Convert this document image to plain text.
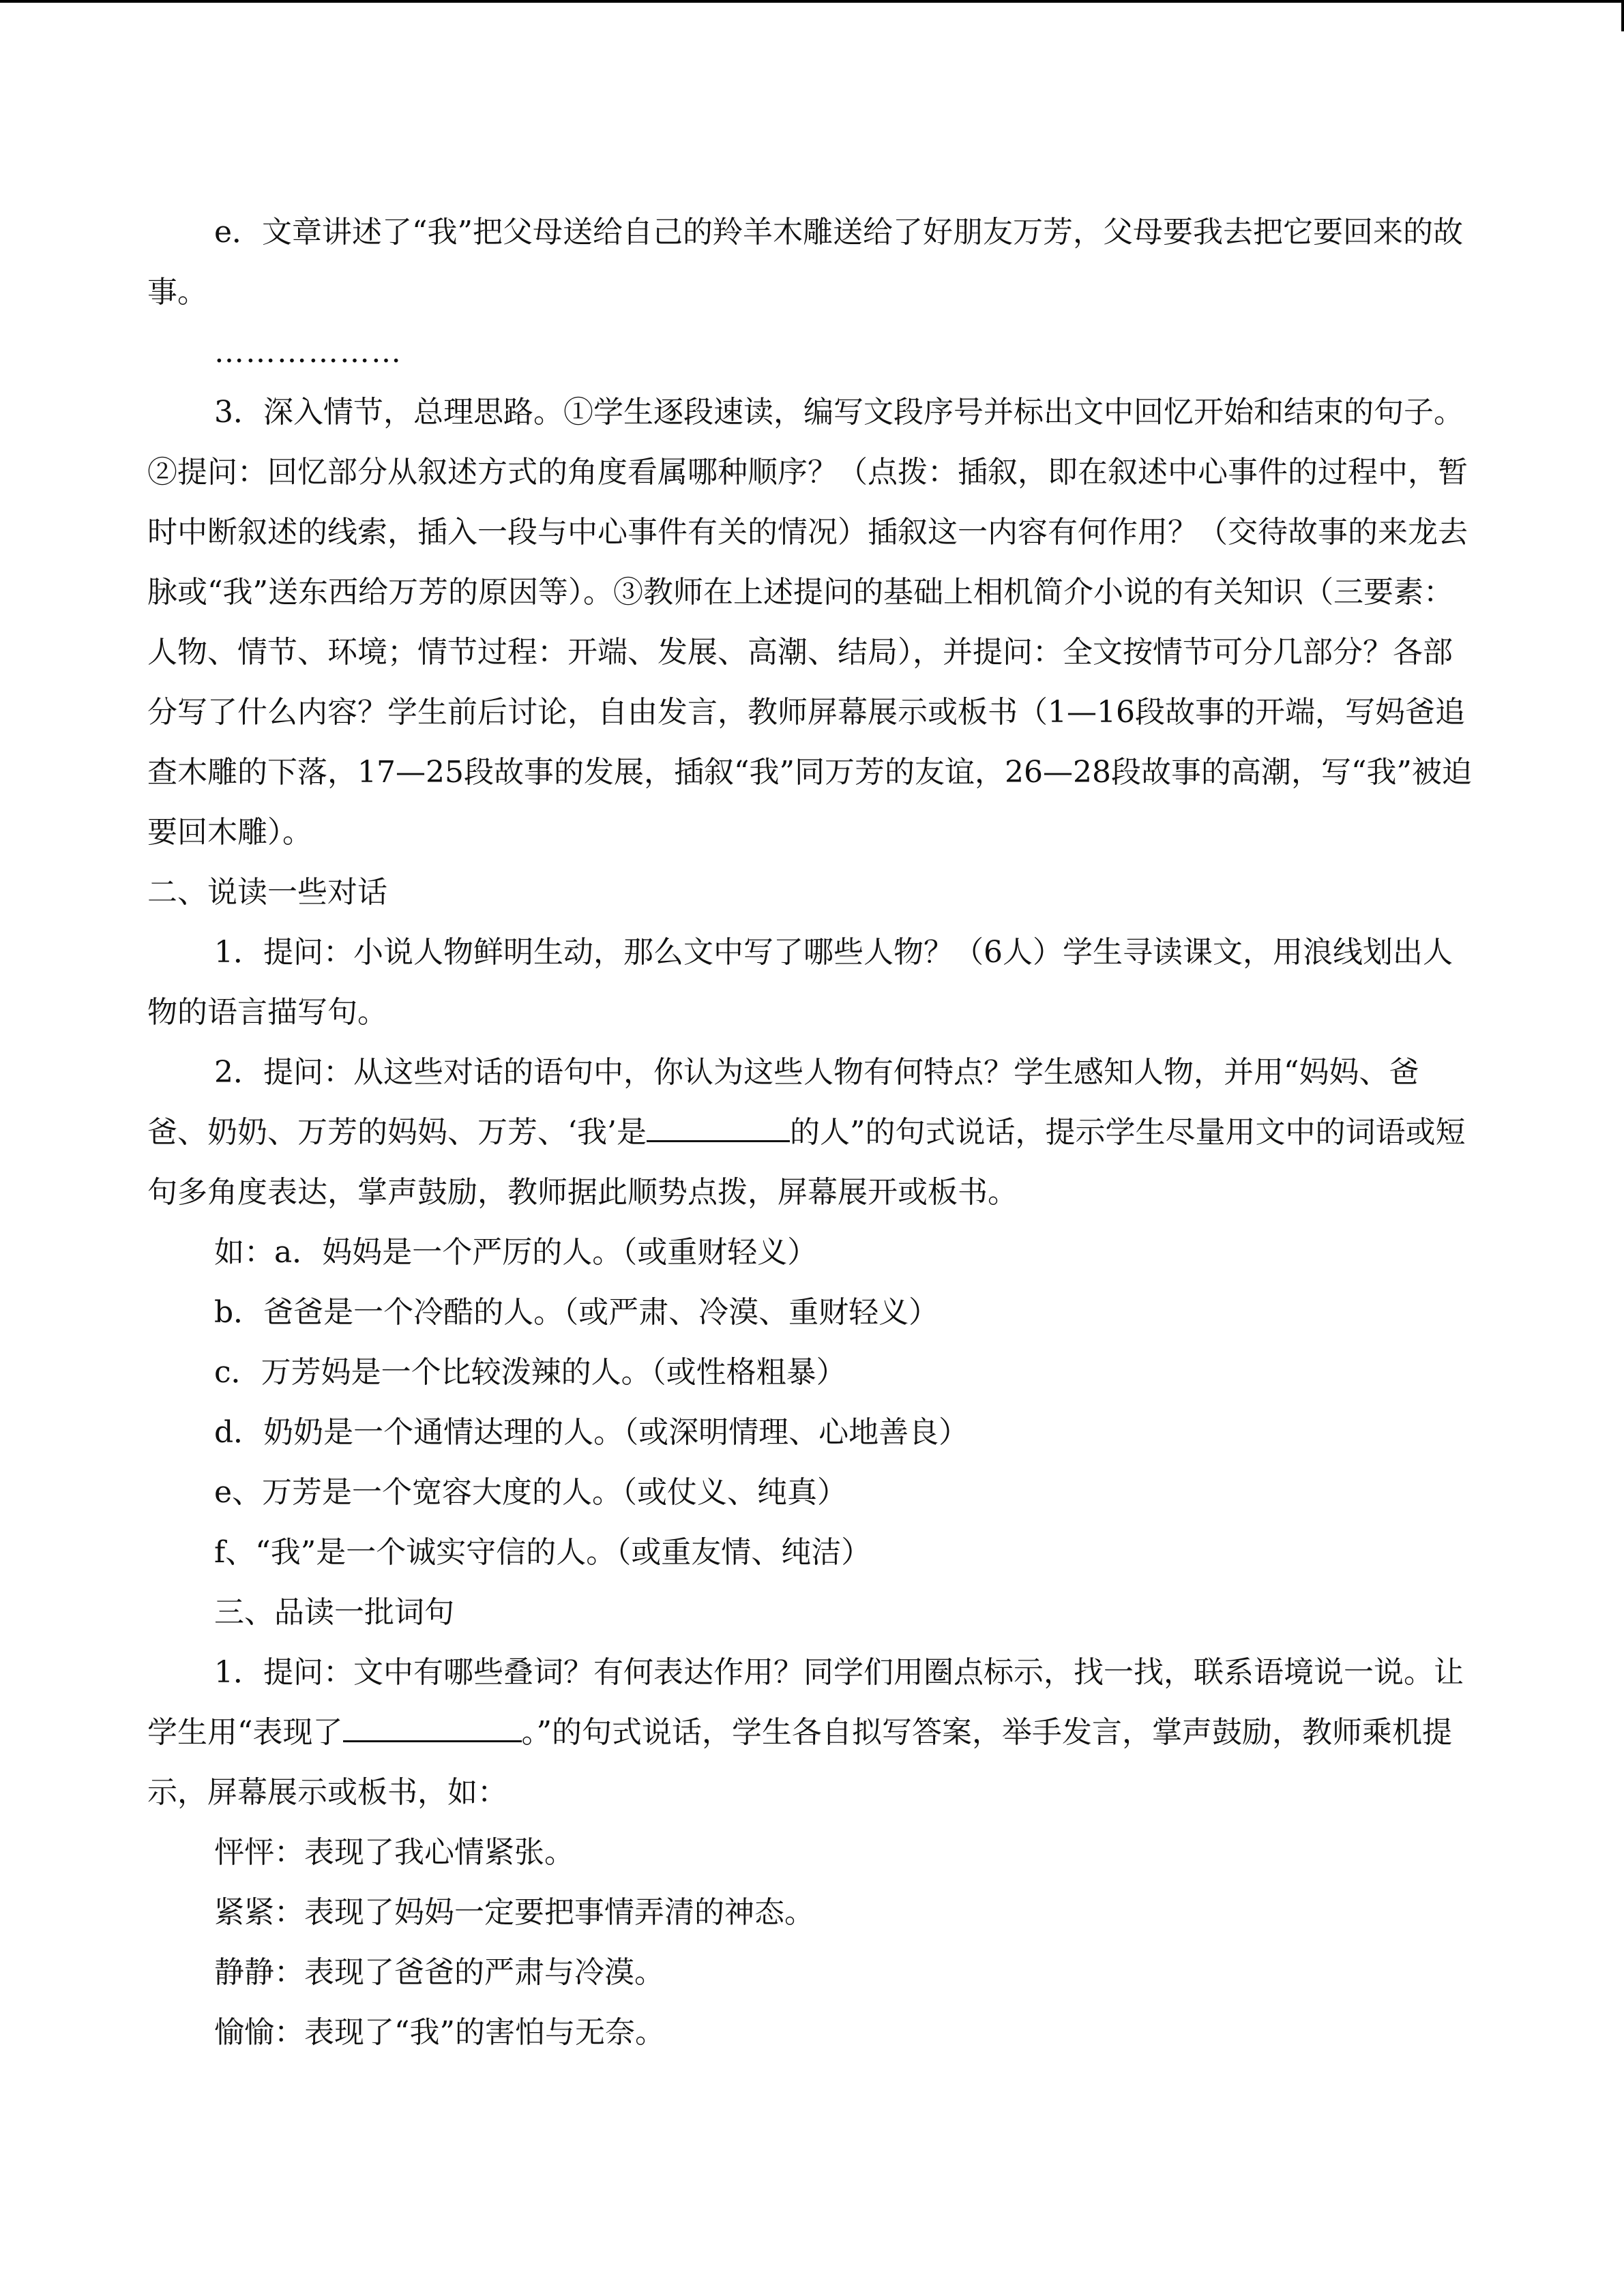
e．文章讲述了“我”把父母送给自己的羚羊木雕送给了好朋友万芳，父母要我去把它要回来的故事。

………………

3．深入情节，总理思路。①学生逐段速读，编写文段序号并标出文中回忆开始和结束的句子。②提问：回忆部分从叙述方式的角度看属哪种顺序？（点拨：插叙，即在叙述中心事件的过程中，暂时中断叙述的线索，插入一段与中心事件有关的情况）插叙这一内容有何作用？（交待故事的来龙去脉或“我”送东西给万芳的原因等）。③教师在上述提问的基础上相机简介小说的有关知识（三要素：人物、情节、环境；情节过程：开端、发展、高潮、结局），并提问：全文按情节可分几部分？各部分写了什么内容？学生前后讨论，自由发言，教师屏幕展示或板书（1—16段故事的开端，写妈爸追查木雕的下落，17—25段故事的发展，插叙“我”同万芳的友谊，26—28段故事的高潮，写“我”被迫要回木雕）。

二、说读一些对话

1．提问：小说人物鲜明生动，那么文中写了哪些人物？（6人）学生寻读课文，用浪线划出人物的语言描写句。

2．提问：从这些对话的语句中，你认为这些人物有何特点？学生感知人物，并用“妈妈、爸爸、奶奶、万芳的妈妈、万芳、‘我’是	的人”的句式说话，提示学生尽量用文中的词语或短句多角度表达，掌声鼓励，教师据此顺势点拨，屏幕展开或板书。

如：a．妈妈是一个严厉的人。（或重财轻义）

b．爸爸是一个冷酷的人。（或严肃、冷漠、重财轻义）

c．万芳妈是一个比较泼辣的人。（或性格粗暴）

d．奶奶是一个通情达理的人。（或深明情理、心地善良）

e、万芳是一个宽容大度的人。（或仗义、纯真）

f、“我”是一个诚实守信的人。（或重友情、纯洁）

三、品读一批词句

1．提问：文中有哪些叠词？有何表达作用？同学们用圈点标示，找一找，联系语境说一说。让学生用“表现了	。”的句式说话，学生各自拟写答案，举手发言，掌声鼓励，教师乘机提示，屏幕展示或板书，如：

怦怦：表现了我心情紧张。

紧紧：表现了妈妈一定要把事情弄清的神态。

静静：表现了爸爸的严肃与冷漠。

愉愉：表现了“我”的害怕与无奈。
